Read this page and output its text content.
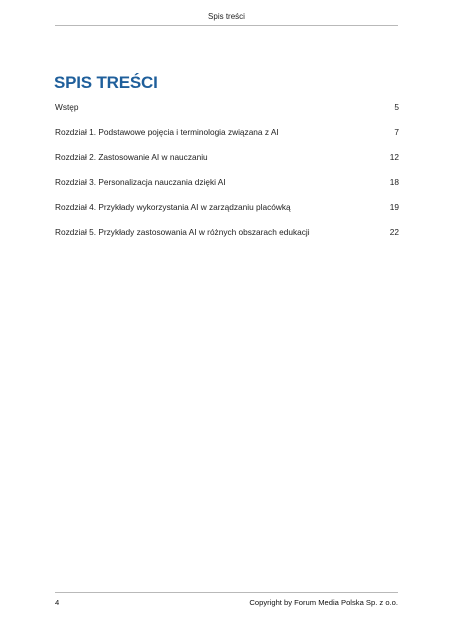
Spis treści
SPIS TREŚCI
Wstęp	5
Rozdział 1. Podstawowe pojęcia i terminologia związana z AI	7
Rozdział 2. Zastosowanie AI w nauczaniu	12
Rozdział 3. Personalizacja nauczania dzięki AI	18
Rozdział 4. Przykłady wykorzystania AI w zarządzaniu placówką	19
Rozdział 5. Przykłady zastosowania AI w różnych obszarach edukacji	22
4	Copyright by Forum Media Polska Sp. z o.o.
